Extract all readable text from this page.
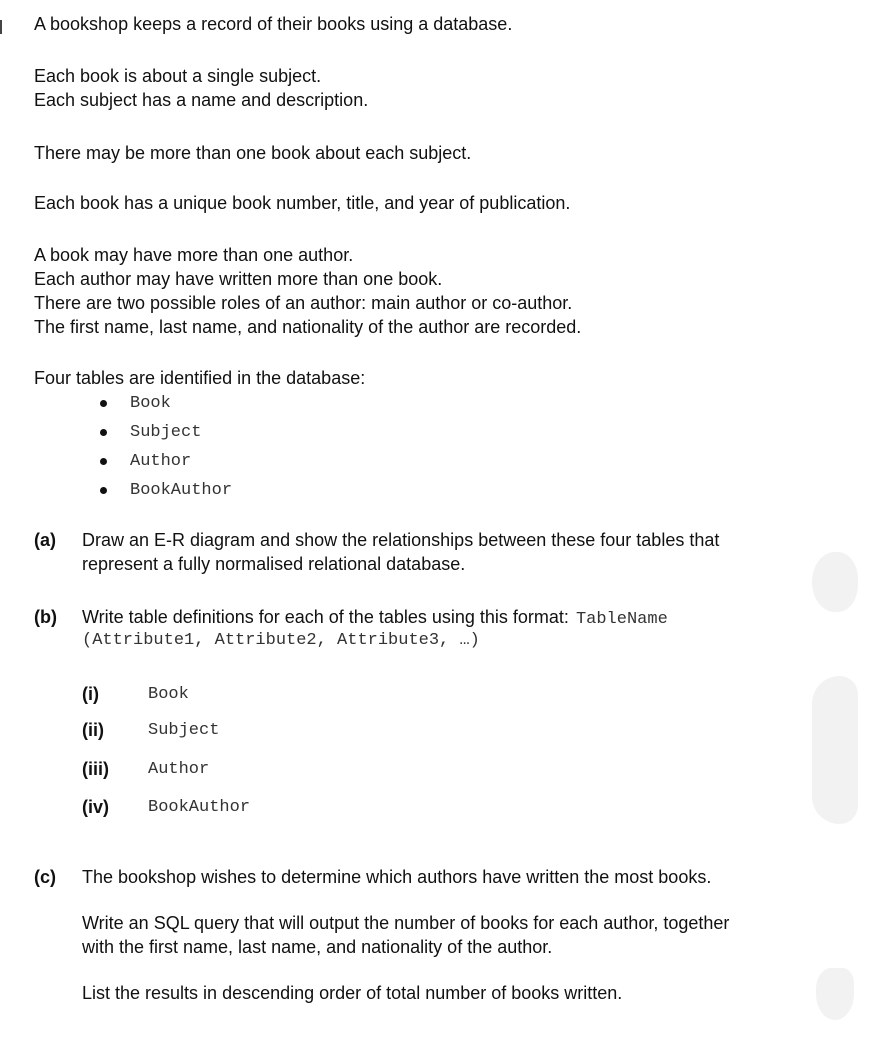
A bookshop keeps a record of their books using a database.
Each book is about a single subject.
Each subject has a name and description.
There may be more than one book about each subject.
Each book has a unique book number, title, and year of publication.
A book may have more than one author.
Each author may have written more than one book.
There are two possible roles of an author: main author or co-author.
The first name, last name, and nationality of the author are recorded.
Four tables are identified in the database:
Book
Subject
Author
BookAuthor
(a) Draw an E-R diagram and show the relationships between these four tables that
represent a fully normalised relational database.
(b) Write table definitions for each of the tables using this format: TableName
(Attribute1, Attribute2, Attribute3, …)
(i)	Book
(ii)	Subject
(iii) Author
(iv) BookAuthor
(c) The bookshop wishes to determine which authors have written the most books.
Write an SQL query that will output the number of books for each author, together
with the first name, last name, and nationality of the author.
List the results in descending order of total number of books written.
